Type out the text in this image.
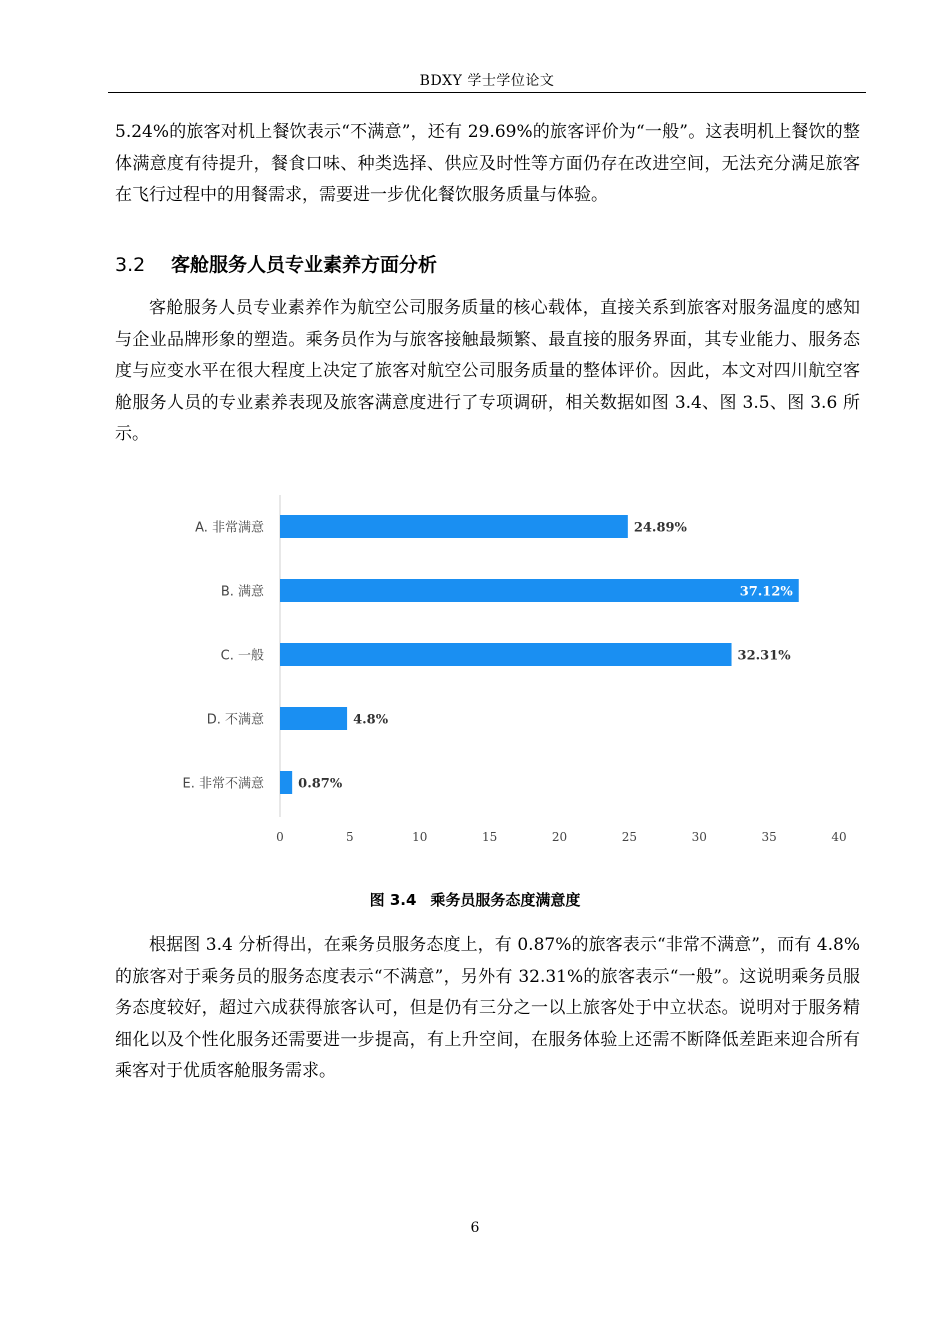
BDXY 学士学位论文

5.24%的旅客对机上餐饮表示“不满意”，还有 29.69%的旅客评价为“一般”。这表明机上餐饮的整体满意度有待提升，餐食口味、种类选择、供应及时性等方面仍存在改进空间，无法充分满足旅客在飞行过程中的用餐需求，需要进一步优化餐饮服务质量与体验。

3.2 客舱服务人员专业素养方面分析

客舱服务人员专业素养作为航空公司服务质量的核心载体，直接关系到旅客对服务温度的感知与企业品牌形象的塑造。乘务员作为与旅客接触最频繁、最直接的服务界面，其专业能力、服务态度与应变水平在很大程度上决定了旅客对航空公司服务质量的整体评价。因此，本文对四川航空客舱服务人员的专业素养表现及旅客满意度进行了专项调研，相关数据如图 3.4、图 3.5、图 3.6 所示。

A. 非常满意	24.89%
B. 满意	37.12%
C. 一般	32.31%
D. 不满意	4.8%
E. 非常不满意	0.87%
0	5	10	15	20	25	30	35	40
图 3.4 乘务员服务态度满意度

根据图 3.4 分析得出，在乘务员服务态度上，有 0.87%的旅客表示“非常不满意”，而有 4.8%的旅客对于乘务员的服务态度表示“不满意”，另外有 32.31%的旅客表示“一般”。这说明乘务员服务态度较好，超过六成获得旅客认可，但是仍有三分之一以上旅客处于中立状态。说明对于服务精细化以及个性化服务还需要进一步提高，有上升空间，在服务体验上还需不断降低差距来迎合所有乘客对于优质客舱服务需求。

6
